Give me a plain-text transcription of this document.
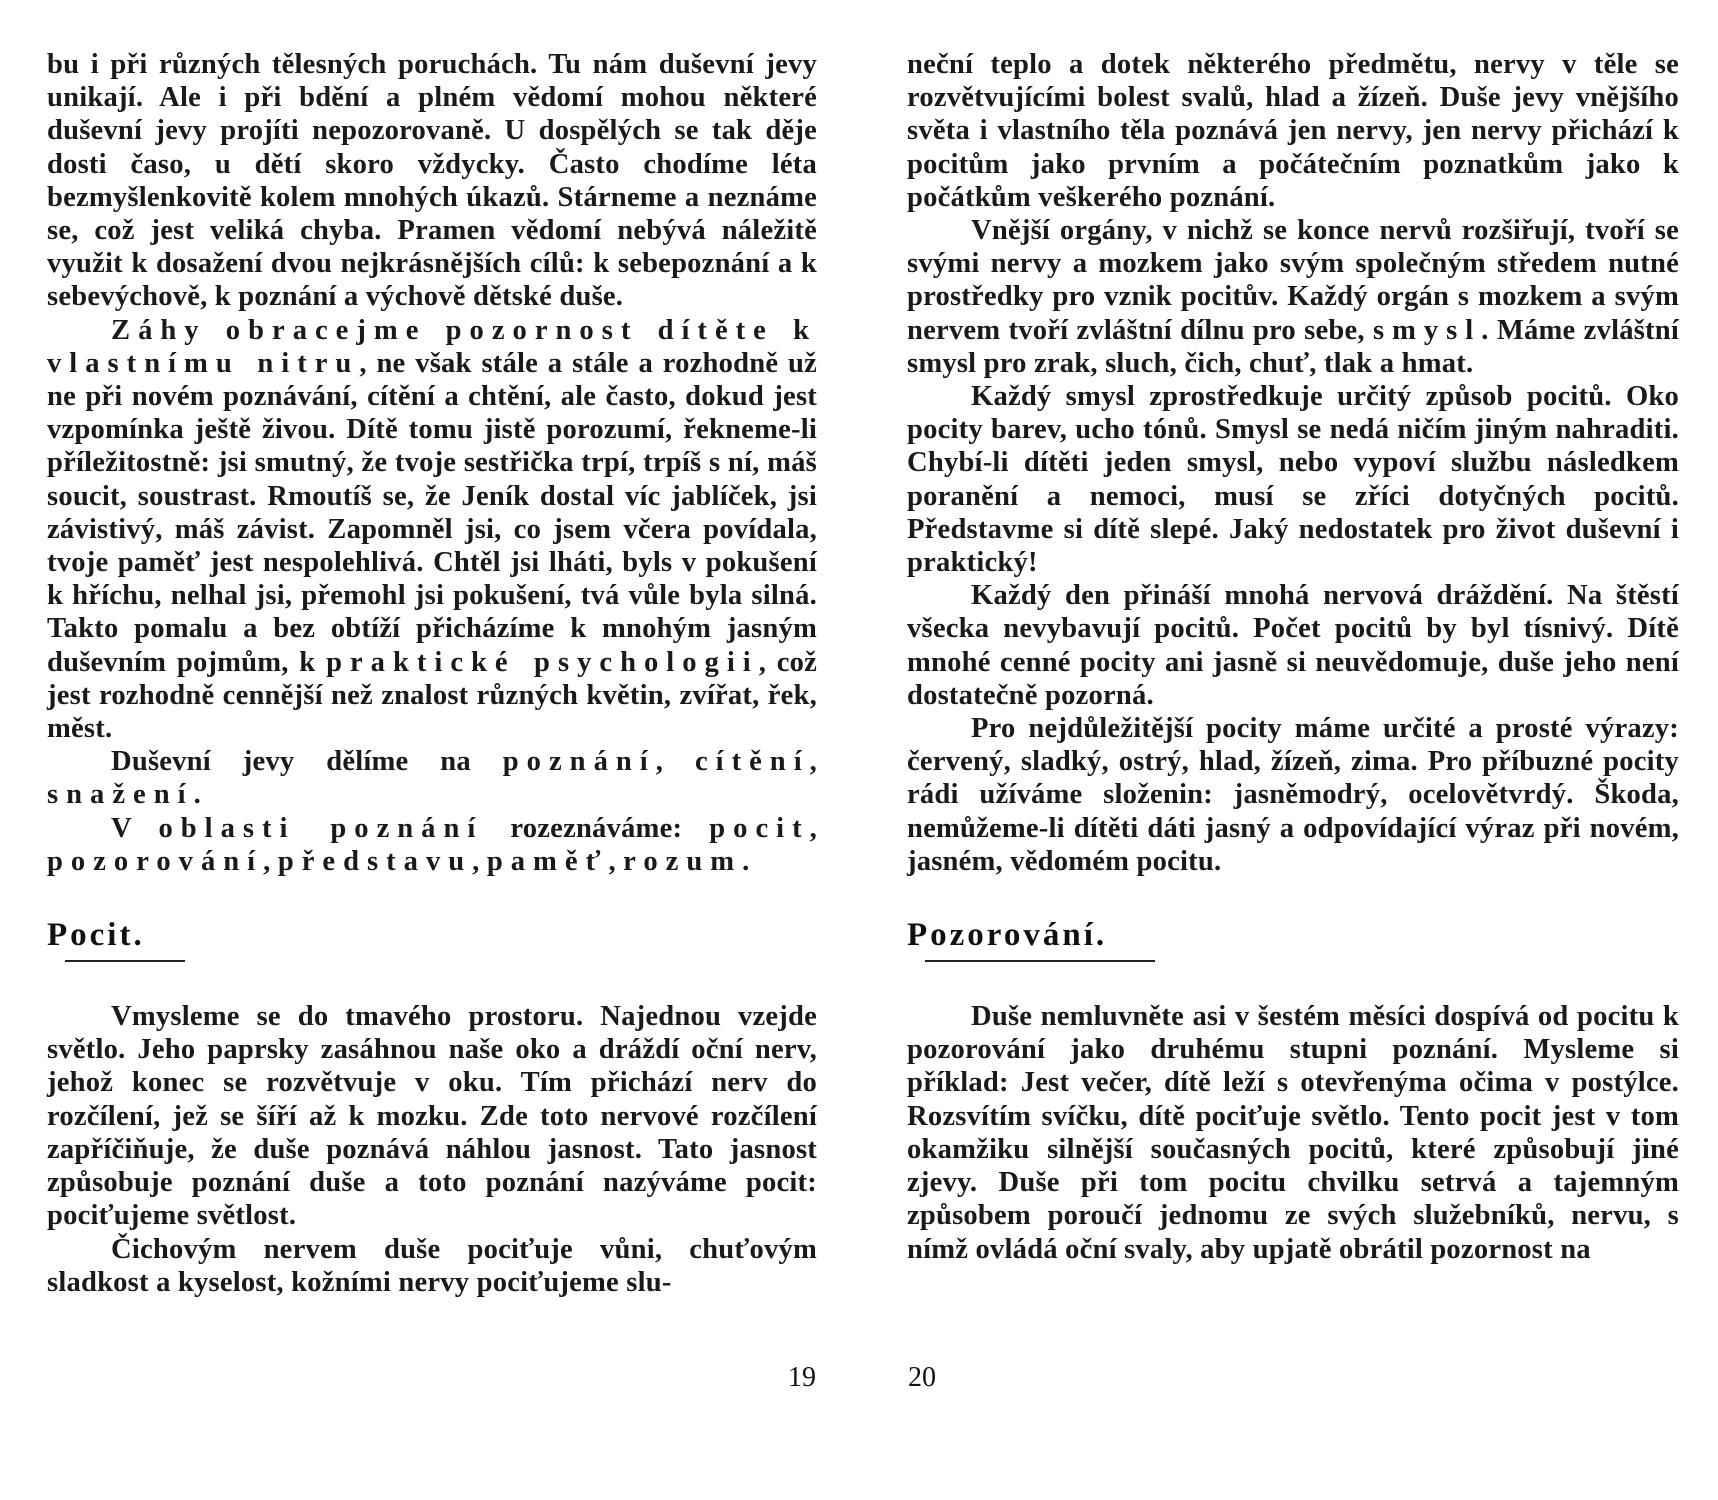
bu i při různých tělesných poruchách. Tu nám duševní jevy unikají. Ale i při bdění a plném vědomí mohou některé duševní jevy projíti nepozorovaně. U dospělých se tak děje dosti časo, u dětí skoro vždycky. Často chodíme léta bezmyšlenkovitě kolem mnohých úkazů. Stárneme a neznáme se, což jest veliká chyba. Pramen vědomí nebývá náležitě využit k dosažení dvou nejkrásnějších cílů: k sebepoznání a k sebevýchově, k poznání a výchově dětské duše.

Záhy obracejme pozornost dítěte k vlastnímu nitru, ne však stále a stále a rozhodně už ne při novém poznávání, cítění a chtění, ale často, dokud jest vzpomínka ještě živou. Dítě tomu jistě porozumí, řekneme-li příležitostně: jsi smutný, že tvoje sestřička trpí, trpíš s ní, máš soucit, soustrast. Rmoutíš se, že Jeník dostal víc jablíček, jsi závistivý, máš závist. Zapomněl jsi, co jsem včera povídala, tvoje paměť jest nespolehlivá. Chtěl jsi lháti, byls v pokušení k hříchu, nelhal jsi, přemohl jsi pokušení, tvá vůle byla silná. Takto pomalu a bez obtíží přicházíme k mnohým jasným duševním pojmům, k praktické psychologii, což jest rozhodně cennější než znalost různých květin, zvířat, řek, měst.

Duševní jevy dělíme na poznání, cítění, snažení.

V oblasti poznání rozeznáváme: pocit, pozorování, představu, paměť, rozum.

Pocit.

Vmysleme se do tmavého prostoru. Najednou vzejde světlo. Jeho paprsky zasáhnou naše oko a dráždí oční nerv, jehož konec se rozvětvuje v oku. Tím přichází nerv do rozčílení, jež se šíří až k mozku. Zde toto nervové rozčílení zapříčiňuje, že duše poznává náhlou jasnost. Tato jasnost způsobuje poznání duše a toto poznání nazýváme pocit: pociťujeme světlost.

Čichovým nervem duše pociťuje vůni, chuťovým sladkost a kyselost, kožními nervy pociťujeme slu-

neční teplo a dotek některého předmětu, nervy v těle se rozvětvujícími bolest svalů, hlad a žízeň. Duše jevy vnějšího světa i vlastního těla poznává jen nervy, jen nervy přichází k pocitům jako prvním a počátečním poznatkům jako k počátkům veškerého poznání.

Vnější orgány, v nichž se konce nervů rozšiřují, tvoří se svými nervy a mozkem jako svým společným středem nutné prostředky pro vznik pocitův. Každý orgán s mozkem a svým nervem tvoří zvláštní dílnu pro sebe, smysl. Máme zvláštní smysl pro zrak, sluch, čich, chuť, tlak a hmat.

Každý smysl zprostředkuje určitý způsob pocitů. Oko pocity barev, ucho tónů. Smysl se nedá ničím jiným nahraditi. Chybí-li dítěti jeden smysl, nebo vypoví službu následkem poranění a nemoci, musí se zříci dotyčných pocitů. Představme si dítě slepé. Jaký nedostatek pro život duševní i praktický!

Každý den přináší mnohá nervová dráždění. Na štěstí všecka nevybavují pocitů. Počet pocitů by byl tísnivý. Dítě mnohé cenné pocity ani jasně si neuvědomuje, duše jeho není dostatečně pozorná.

Pro nejdůležitější pocity máme určité a prosté výrazy: červený, sladký, ostrý, hlad, žízeň, zima. Pro příbuzné pocity rádi užíváme složenin: jasněmodrý, ocelovětvrdý. Škoda, nemůžeme-li dítěti dáti jasný a odpovídající výraz při novém, jasném, vědomém pocitu.

Pozorování.

Duše nemluvněte asi v šestém měsíci dospívá od pocitu k pozorování jako druhému stupni poznání. Mysleme si příklad: Jest večer, dítě leží s otevřenýma očima v postýlce. Rozsvítím svíčku, dítě pociťuje světlo. Tento pocit jest v tom okamžiku silnější současných pocitů, které způsobují jiné zjevy. Duše při tom pocitu chvilku setrvá a tajemným způsobem poroučí jednomu ze svých služebníků, nervu, s nímž ovládá oční svaly, aby upjatě obrátil pozornost na

19	20
